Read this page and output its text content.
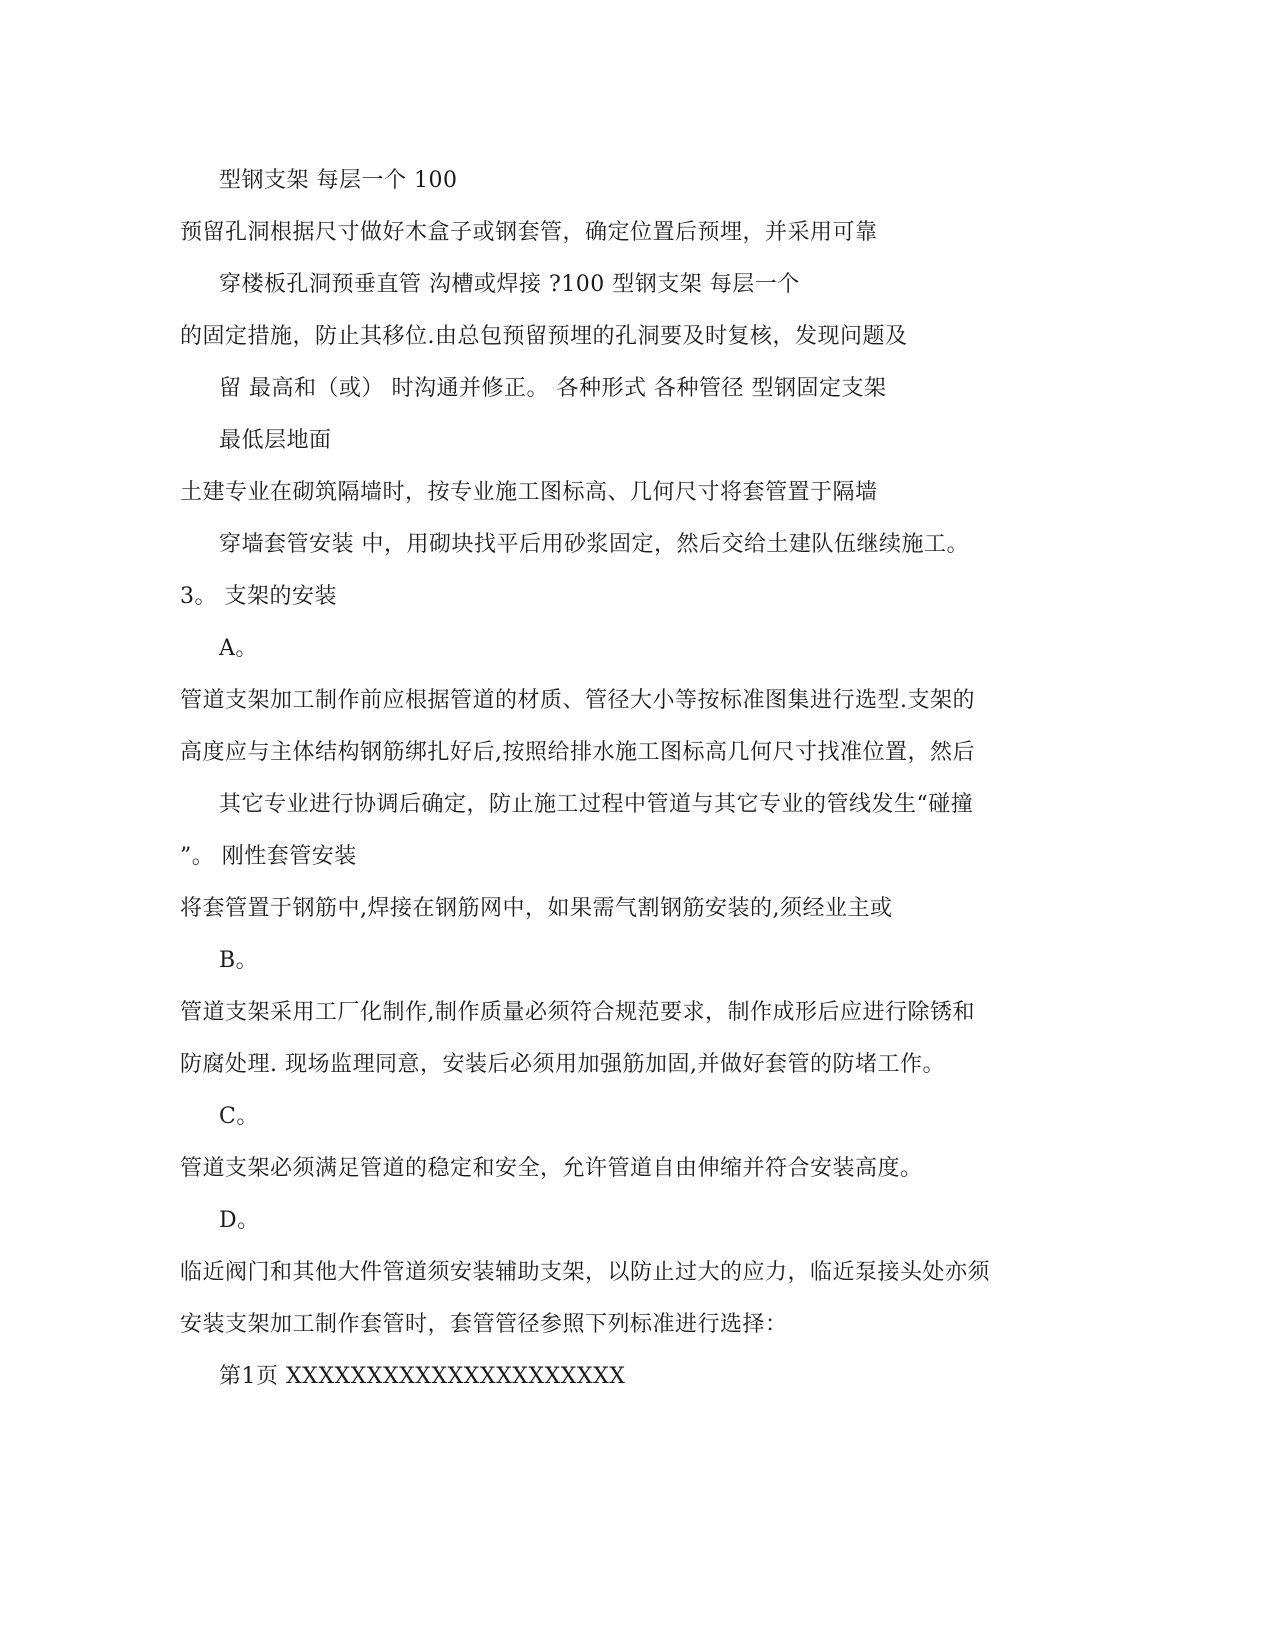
型钢支架 每层一个 100
预留孔洞根据尺寸做好木盒子或钢套管，确定位置后预埋，并采用可靠
穿楼板孔洞预垂直管 沟槽或焊接 ?100 型钢支架 每层一个
的固定措施，防止其移位.由总包预留预埋的孔洞要及时复核，发现问题及
留 最高和（或） 时沟通并修正。 各种形式 各种管径 型钢固定支架
最低层地面
土建专业在砌筑隔墙时，按专业施工图标高、几何尺寸将套管置于隔墙
穿墙套管安装 中，用砌块找平后用砂浆固定，然后交给土建队伍继续施工。
3。 支架的安装
A。
管道支架加工制作前应根据管道的材质、管径大小等按标准图集进行选型.支架的
高度应与主体结构钢筋绑扎好后,按照给排水施工图标高几何尺寸找准位置，然后
其它专业进行协调后确定，防止施工过程中管道与其它专业的管线发生“碰撞
”。 刚性套管安装
将套管置于钢筋中,焊接在钢筋网中，如果需气割钢筋安装的,须经业主或
B。
管道支架采用工厂化制作,制作质量必须符合规范要求，制作成形后应进行除锈和
防腐处理. 现场监理同意，安装后必须用加强筋加固,并做好套管的防堵工作。
C。
管道支架必须满足管道的稳定和安全，允许管道自由伸缩并符合安装高度。
D。
临近阀门和其他大件管道须安装辅助支架，以防止过大的应力，临近泵接头处亦须
安装支架加工制作套管时，套管管径参照下列标准进行选择：
第1页 XXXXXXXXXXXXXXXXXXXXX
